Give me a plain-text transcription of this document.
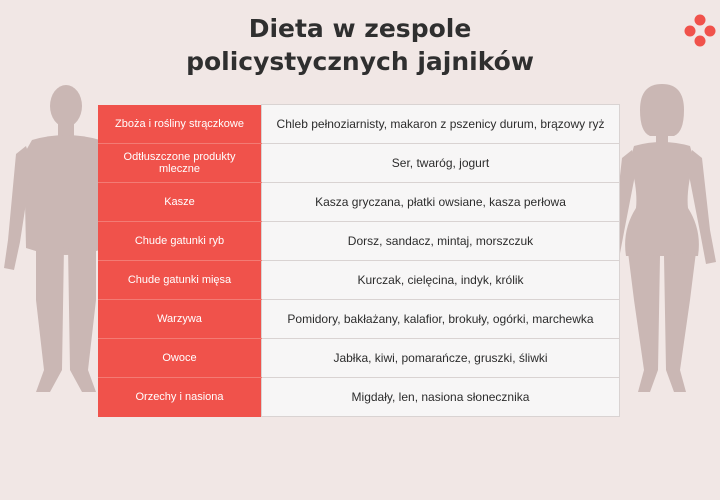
Dieta w zespole
policystycznych jajników
Zboża i rośliny strączkowe	Chleb pełnoziarnisty, makaron z pszenicy durum, brązowy ryż
Odtłuszczone produkty mleczne	Ser, twaróg, jogurt
Kasze	Kasza gryczana, płatki owsiane, kasza perłowa
Chude gatunki ryb	Dorsz, sandacz, mintaj, morszczuk
Chude gatunki mięsa	Kurczak, cielęcina, indyk, królik
Warzywa	Pomidory, bakłażany, kalafior, brokuły, ogórki, marchewka
Owoce	Jabłka, kiwi, pomarańcze, gruszki, śliwki
Orzechy i nasiona	Migdały, len, nasiona słonecznika
